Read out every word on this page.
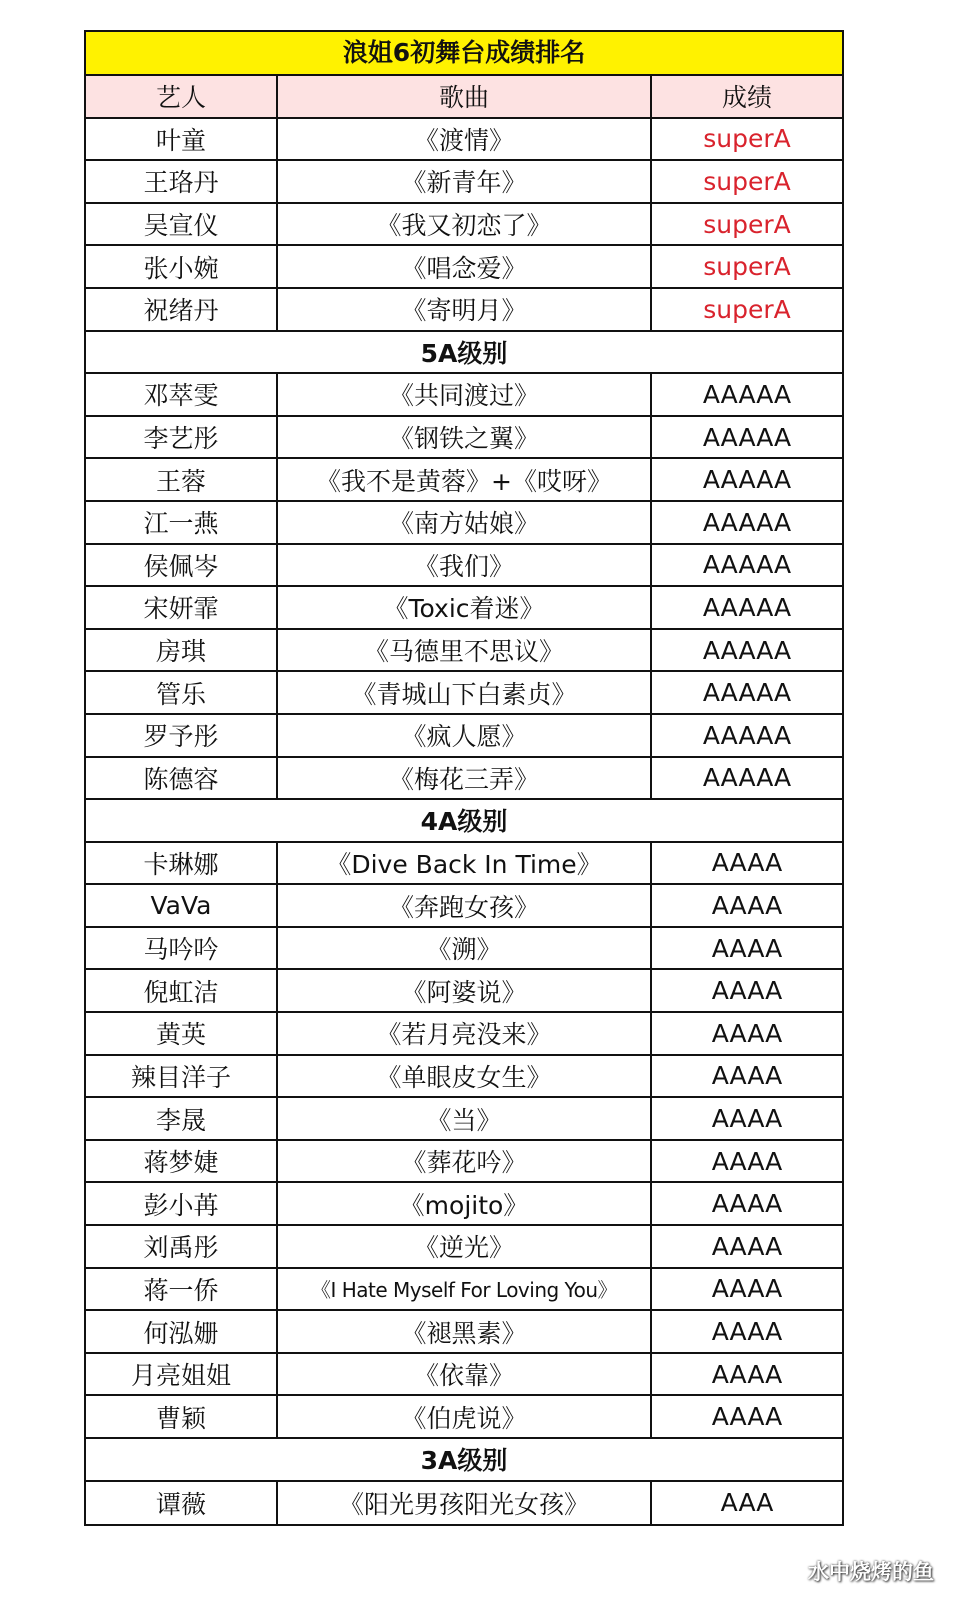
浪姐6初舞台成绩排名
艺人	歌曲	成绩
叶童	《渡情》	superA
王珞丹	《新青年》	superA
吴宣仪	《我又初恋了》	superA
张小婉	《唱念爱》	superA
祝绪丹	《寄明月》	superA
5A级别
邓萃雯	《共同渡过》	AAAAA
李艺彤	《钢铁之翼》	AAAAA
王蓉	《我不是黄蓉》+《哎呀》	AAAAA
江一燕	《南方姑娘》	AAAAA
侯佩岑	《我们》	AAAAA
宋妍霏	《Toxic着迷》	AAAAA
房琪	《马德里不思议》	AAAAA
管乐	《青城山下白素贞》	AAAAA
罗予彤	《疯人愿》	AAAAA
陈德容	《梅花三弄》	AAAAA
4A级别
卡琳娜	《Dive Back In Time》	AAAA
VaVa	《奔跑女孩》	AAAA
马吟吟	《溯》	AAAA
倪虹洁	《阿婆说》	AAAA
黄英	《若月亮没来》	AAAA
辣目洋子	《单眼皮女生》	AAAA
李晟	《当》	AAAA
蒋梦婕	《葬花吟》	AAAA
彭小苒	《mojito》	AAAA
刘禹彤	《逆光》	AAAA
蒋一侨	《I Hate Myself For Loving You》	AAAA
何泓姗	《褪黑素》	AAAA
月亮姐姐	《依靠》	AAAA
曹颖	《伯虎说》	AAAA
3A级别
谭薇	《阳光男孩阳光女孩》	AAA
水中烧烤的鱼
